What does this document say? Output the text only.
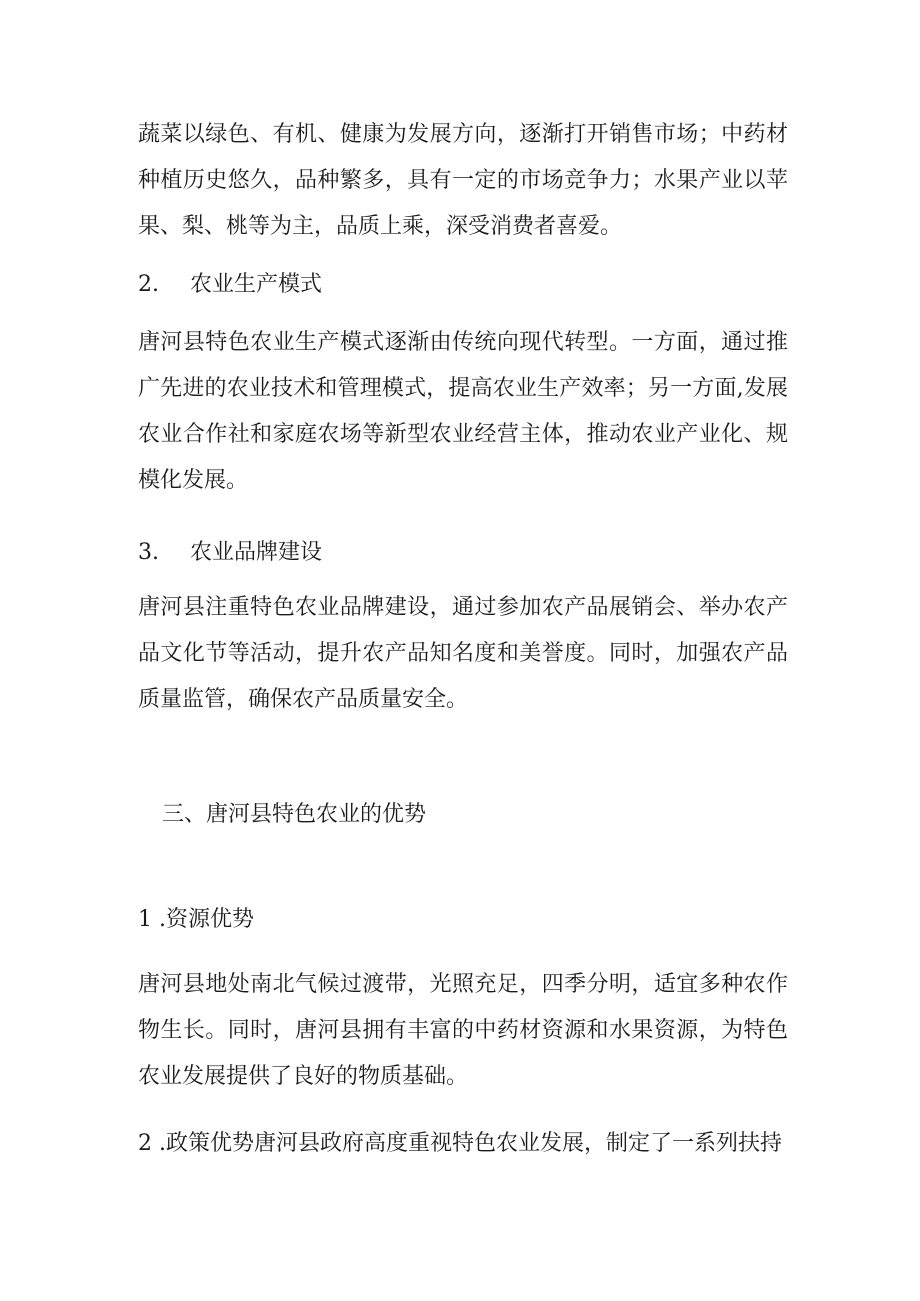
蔬菜以绿色、有机、健康为发展方向，逐渐打开销售市场；中药材种植历史悠久，品种繁多，具有一定的市场竞争力；水果产业以苹果、梨、桃等为主，品质上乘，深受消费者喜爱。

2. 农业生产模式

唐河县特色农业生产模式逐渐由传统向现代转型。一方面，通过推广先进的农业技术和管理模式，提高农业生产效率；另一方面,发展农业合作社和家庭农场等新型农业经营主体，推动农业产业化、规模化发展。

3. 农业品牌建设

唐河县注重特色农业品牌建设，通过参加农产品展销会、举办农产品文化节等活动，提升农产品知名度和美誉度。同时，加强农产品质量监管，确保农产品质量安全。

三、唐河县特色农业的优势
1 .资源优势

唐河县地处南北气候过渡带，光照充足，四季分明，适宜多种农作物生长。同时，唐河县拥有丰富的中药材资源和水果资源，为特色农业发展提供了良好的物质基础。

2 .政策优势唐河县政府高度重视特色农业发展，制定了一系列扶持
